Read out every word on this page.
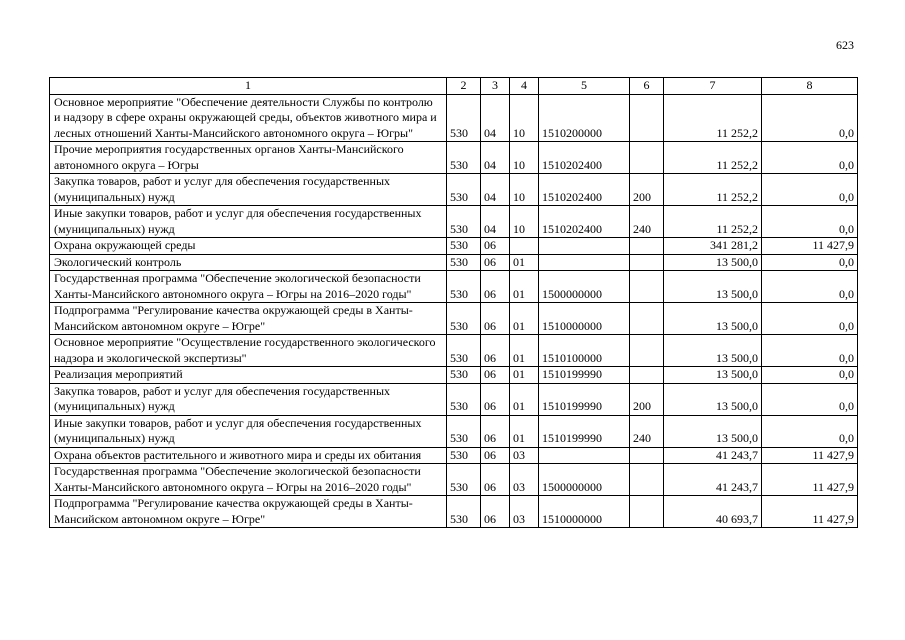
623
1	2	3	4	5	6	7	8
Основное мероприятие "Обеспечение деятельности Службы по контролю и надзору в сфере охраны окружающей среды, объектов животного мира и лесных отношений Ханты-Мансийского автономного округа – Югры"	530	04	10	1510200000		11 252,2	0,0
Прочие мероприятия государственных органов Ханты-Мансийского автономного округа – Югры	530	04	10	1510202400		11 252,2	0,0
Закупка товаров, работ и услуг для обеспечения государственных (муниципальных) нужд	530	04	10	1510202400	200	11 252,2	0,0
Иные закупки товаров, работ и услуг для обеспечения государственных (муниципальных) нужд	530	04	10	1510202400	240	11 252,2	0,0
Охрана окружающей среды	530	06				341 281,2	11 427,9
Экологический контроль	530	06	01			13 500,0	0,0
Государственная программа "Обеспечение экологической безопасности Ханты-Мансийского автономного округа – Югры на 2016–2020 годы"	530	06	01	1500000000		13 500,0	0,0
Подпрограмма "Регулирование качества окружающей среды в Ханты-Мансийском автономном округе – Югре"	530	06	01	1510000000		13 500,0	0,0
Основное мероприятие "Осуществление государственного экологического надзора и экологической экспертизы"	530	06	01	1510100000		13 500,0	0,0
Реализация мероприятий	530	06	01	1510199990		13 500,0	0,0
Закупка товаров, работ и услуг для обеспечения государственных (муниципальных) нужд	530	06	01	1510199990	200	13 500,0	0,0
Иные закупки товаров, работ и услуг для обеспечения государственных (муниципальных) нужд	530	06	01	1510199990	240	13 500,0	0,0
Охрана объектов растительного и животного мира и среды их обитания	530	06	03			41 243,7	11 427,9
Государственная программа "Обеспечение экологической безопасности Ханты-Мансийского автономного округа – Югры на 2016–2020 годы"	530	06	03	1500000000		41 243,7	11 427,9
Подпрограмма "Регулирование качества окружающей среды в Ханты-Мансийском автономном округе – Югре"	530	06	03	1510000000		40 693,7	11 427,9
